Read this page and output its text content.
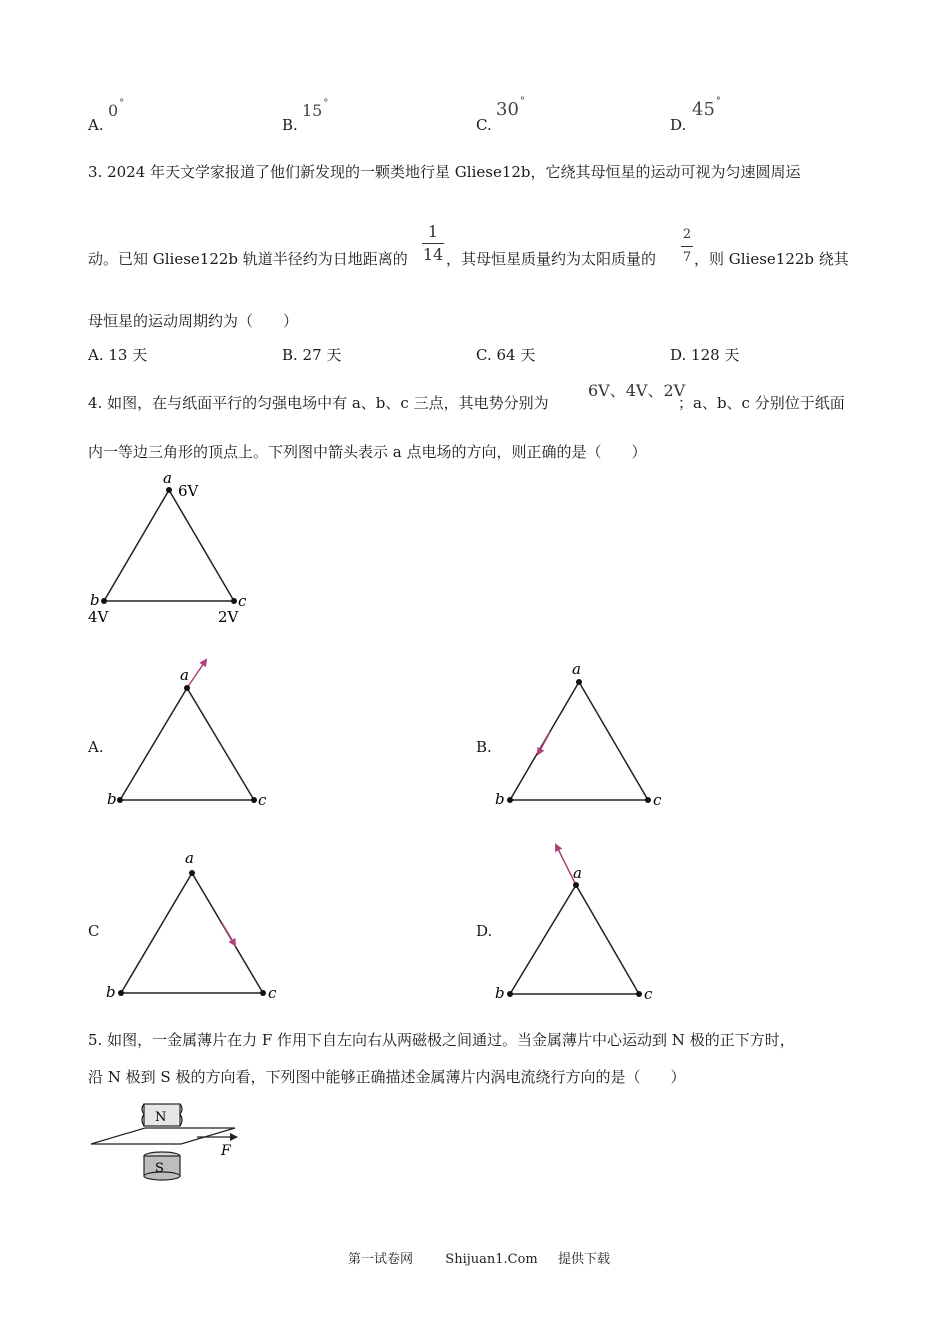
A.
0°
B.
15°
C.
30°
D.
45°
3. 2024 年天文学家报道了他们新发现的一颗类地行星 Gliese12b，它绕其母恒星的运动可视为匀速圆周运
动。已知 Gliese122b 轨道半径约为日地距离的
1
14 ，其母恒星质量约为太阳质量的
2
7 ，则 Gliese122b 绕其
母恒星的运动周期约为（　　）
A. 13 天	B. 27 天	C. 64 天	D. 128 天
4. 如图，在与纸面平行的匀强电场中有 a、b、c 三点，其电势分别为
6V、4V、2V
；a、b、c 分别位于纸面
内一等边三角形的顶点上。下列图中箭头表示 a 点电场的方向，则正确的是（　　）
a
6V
b
4V
c
2V
A.
a
b	c
B.
a
b	c
C
a
b	c
D.
a
b	c
5. 如图，一金属薄片在力 F 作用下自左向右从两磁极之间通过。当金属薄片中心运动到 N 极的正下方时，
沿 N 极到 S 极的方向看，下列图中能够正确描述金属薄片内涡电流绕行方向的是（　　）
N
F
S
第一试卷网 Shijuan1.Com 提供下载
